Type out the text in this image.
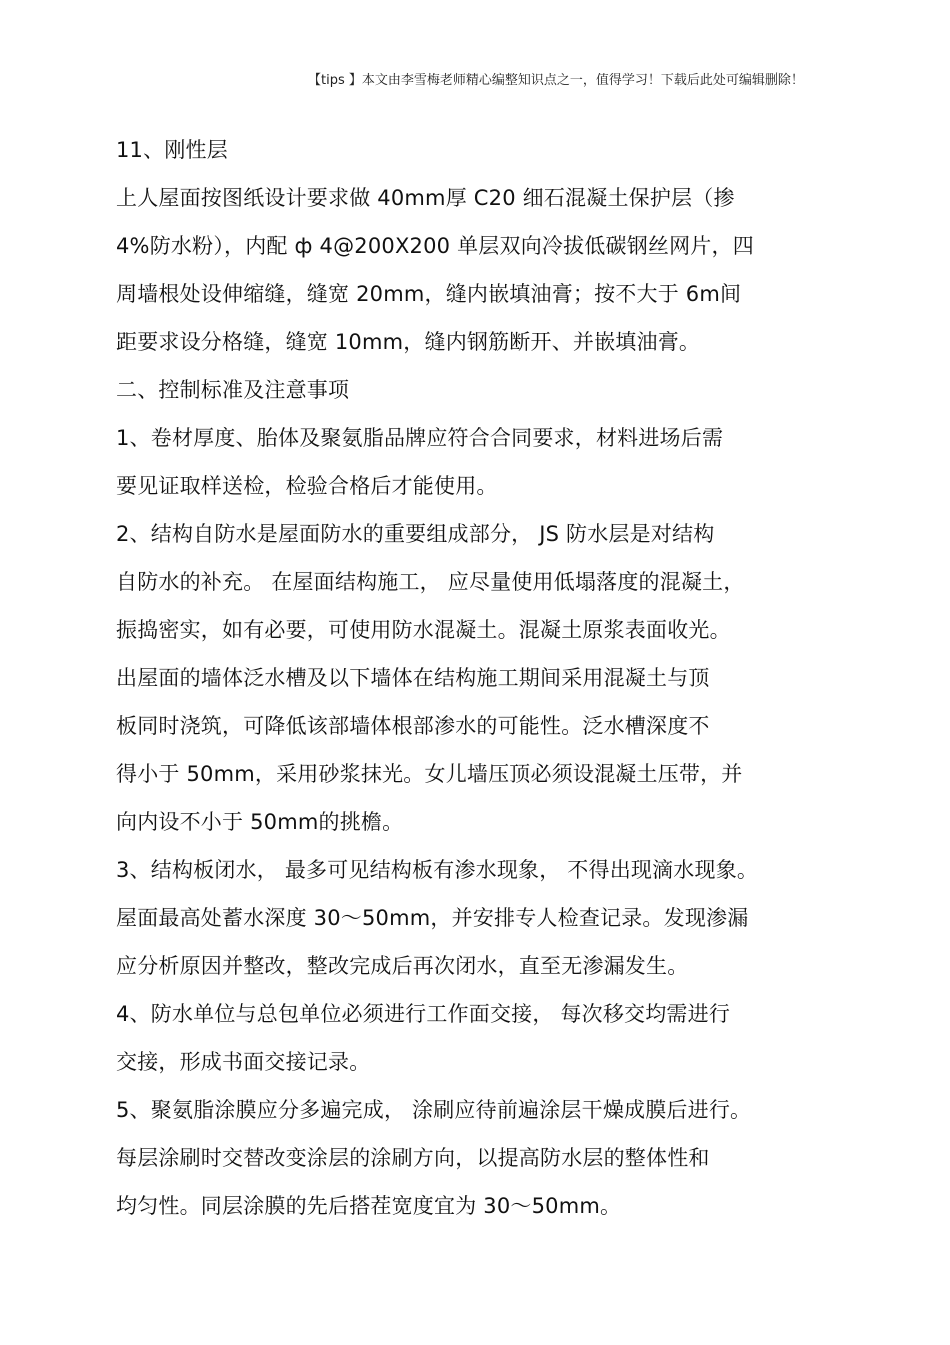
【tips 】本文由李雪梅老师精心编整知识点之一，值得学习！下载后此处可编辑删除！
11、刚性层
上人屋面按图纸设计要求做 40mm厚 C20 细石混凝土保护层（掺
4%防水粉），内配 ф 4@200X200 单层双向冷拔低碳钢丝网片，四
周墙根处设伸缩缝，缝宽 20mm，缝内嵌填油膏；按不大于 6m间
距要求设分格缝，缝宽 10mm，缝内钢筋断开、并嵌填油膏。
二、控制标准及注意事项
1、卷材厚度、胎体及聚氨脂品牌应符合合同要求，材料进场后需
要见证取样送检，检验合格后才能使用。
2、结构自防水是屋面防水的重要组成部分， JS 防水层是对结构
自防水的补充。 在屋面结构施工， 应尽量使用低塌落度的混凝土，
振捣密实，如有必要，可使用防水混凝土。混凝土原浆表面收光。
出屋面的墙体泛水槽及以下墙体在结构施工期间采用混凝土与顶
板同时浇筑，可降低该部墙体根部渗水的可能性。泛水槽深度不
得小于 50mm，采用砂浆抹光。女儿墙压顶必须设混凝土压带，并
向内设不小于 50mm的挑檐。
3、结构板闭水， 最多可见结构板有渗水现象， 不得出现滴水现象。
屋面最高处蓄水深度 30～50mm，并安排专人检查记录。发现渗漏
应分析原因并整改，整改完成后再次闭水，直至无渗漏发生。
4、防水单位与总包单位必须进行工作面交接， 每次移交均需进行
交接，形成书面交接记录。
5、聚氨脂涂膜应分多遍完成， 涂刷应待前遍涂层干燥成膜后进行。
每层涂刷时交替改变涂层的涂刷方向，以提高防水层的整体性和
均匀性。同层涂膜的先后搭茬宽度宜为 30～50mm。
